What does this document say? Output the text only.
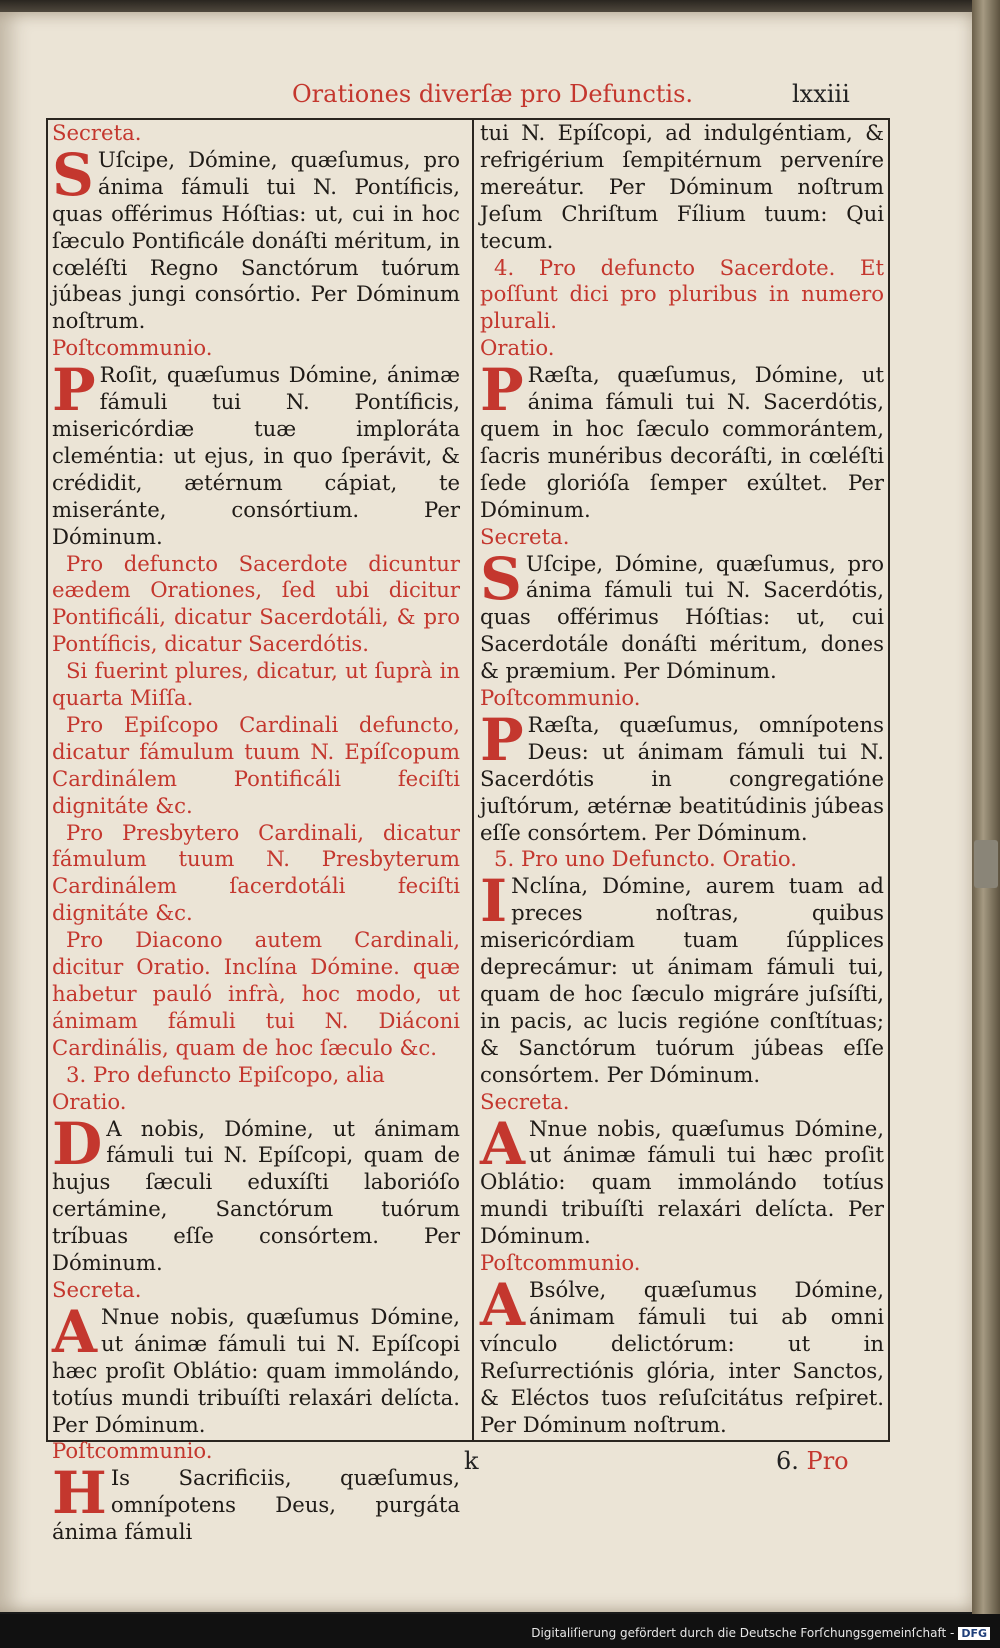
Orationes diverſæ pro Defunctis.	lxxiii

Secreta.

S Uſcipe, Dómine, quæſumus, pro ánima fámuli tui N. Pontíficis, quas offérimus Hóſtias: ut, cui in hoc ſæculo Pontificále donáſti méritum, in cœléſti Regno Sanctórum tuórum júbeas jungi consórtio. Per Dóminum noſtrum.

Poſtcommunio.

P Roſit, quæſumus Dómine, ánimæ fámuli tui N. Pontíficis, misericórdiæ tuæ imploráta cleméntia: ut ejus, in quo ſperávit, & crédidit, ætérnum cápiat, te miseránte, consórtium. Per Dóminum.

Pro defuncto Sacerdote dicuntur eædem Orationes, ſed ubi dicitur Pontificáli, dicatur Sacerdotáli, & pro Pontíficis, dicatur Sacerdótis.

Si fuerint plures, dicatur, ut ſuprà in quarta Miſſa.

Pro Epiſcopo Cardinali defuncto, dicatur fámulum tuum N. Epíſcopum Cardinálem Pontificáli feciſti dignitáte &c.

Pro Presbytero Cardinali, dicatur fámulum tuum N. Presbyterum Cardinálem ſacerdotáli feciſti dignitáte &c.

Pro Diacono autem Cardinali, dicitur Oratio. Inclína Dómine. quæ habetur pauló infrà, hoc modo, ut ánimam fámuli tui N. Diáconi Cardinális, quam de hoc ſæculo &c.

3. Pro defuncto Epiſcopo, alia

Oratio.

D A nobis, Dómine, ut ánimam fámuli tui N. Epíſcopi, quam de hujus ſæculi eduxíſti laborióſo certámine, Sanctórum tuórum tríbuas eſſe consórtem. Per Dóminum.

Secreta.

A Nnue nobis, quæſumus Dómine, ut ánimæ fámuli tui N. Epíſcopi hæc proſit Oblátio: quam immolándo, totíus mundi tribuíſti relaxári delícta. Per Dóminum.

Poſtcommunio.

H Is Sacrificiis, quæſumus, omnípotens Deus, purgáta ánima fámuli

tui N. Epíſcopi, ad indulgéntiam, & refrigérium ſempitérnum perveníre mereátur. Per Dóminum noſtrum Jeſum Chriſtum Fílium tuum: Qui tecum.

4. Pro defuncto Sacerdote. Et poſſunt dici pro pluribus in numero plurali.

Oratio.

P Ræſta, quæſumus, Dómine, ut ánima fámuli tui N. Sacerdótis, quem in hoc ſæculo commorántem, ſacris munéribus decoráſti, in cœléſti ſede glorióſa ſemper exúltet. Per Dóminum.

Secreta.

S Uſcipe, Dómine, quæſumus, pro ánima fámuli tui N. Sacerdótis, quas offérimus Hóſtias: ut, cui Sacerdotále donáſti méritum, dones & præmium. Per Dóminum.

Poſtcommunio.

P Ræſta, quæſumus, omnípotens Deus: ut ánimam fámuli tui N. Sacerdótis in congregatióne juſtórum, ætérnæ beatitúdinis júbeas eſſe consórtem. Per Dóminum.

5. Pro uno Defuncto. Oratio.

I Nclína, Dómine, aurem tuam ad preces noſtras, quibus misericórdiam tuam ſúpplices deprecámur: ut ánimam fámuli tui, quam de hoc ſæculo migráre juſsíſti, in pacis, ac lucis regióne conſtítuas; & Sanctórum tuórum júbeas eſſe consórtem. Per Dóminum.

Secreta.

A Nnue nobis, quæſumus Dómine, ut ánimæ fámuli tui hæc proſit Oblátio: quam immolándo totíus mundi tribuíſti relaxári delícta. Per Dóminum.

Poſtcommunio.

A Bsólve, quæſumus Dómine, ánimam fámuli tui ab omni vínculo delictórum: ut in Reſurrectiónis glória, inter Sanctos, & Eléctos tuos reſuſcitátus reſpiret. Per Dóminum noſtrum.

k	6. Pro
Digitaliſierung gefördert durch die Deutsche Forſchungsgemeinſchaft - DFG
